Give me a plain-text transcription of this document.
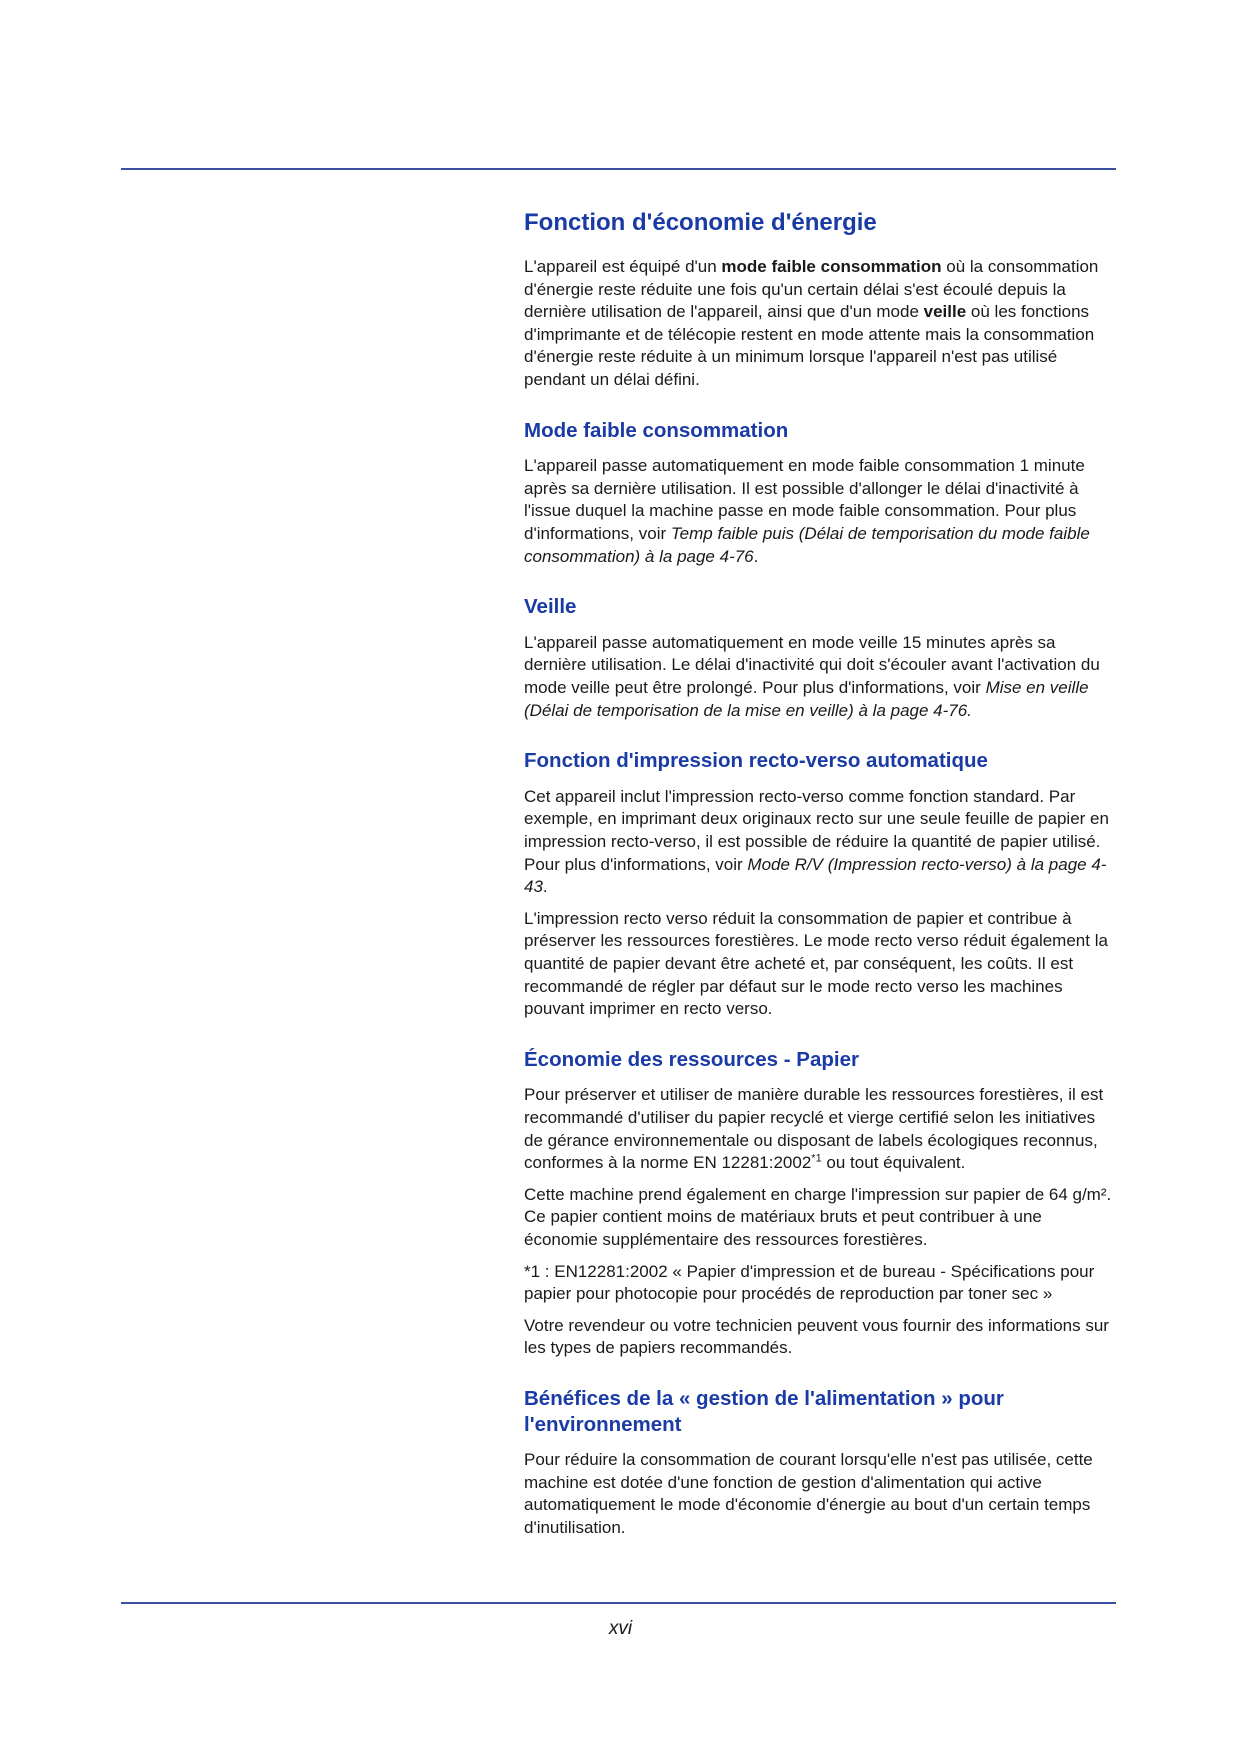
Fonction d'économie d'énergie

L'appareil est équipé d'un mode faible consommation où la consommation d'énergie reste réduite une fois qu'un certain délai s'est écoulé depuis la dernière utilisation de l'appareil, ainsi que d'un mode veille où les fonctions d'imprimante et de télécopie restent en mode attente mais la consommation d'énergie reste réduite à un minimum lorsque l'appareil n'est pas utilisé pendant un délai défini.

Mode faible consommation

L'appareil passe automatiquement en mode faible consommation 1 minute après sa dernière utilisation. Il est possible d'allonger le délai d'inactivité à l'issue duquel la machine passe en mode faible consommation. Pour plus d'informations, voir Temp faible puis (Délai de temporisation du mode faible consommation) à la page 4-76.

Veille

L'appareil passe automatiquement en mode veille 15 minutes après sa dernière utilisation. Le délai d'inactivité qui doit s'écouler avant l'activation du mode veille peut être prolongé. Pour plus d'informations, voir Mise en veille (Délai de temporisation de la mise en veille) à la page 4-76.

Fonction d'impression recto-verso automatique

Cet appareil inclut l'impression recto-verso comme fonction standard. Par exemple, en imprimant deux originaux recto sur une seule feuille de papier en impression recto-verso, il est possible de réduire la quantité de papier utilisé. Pour plus d'informations, voir Mode R/V (Impression recto-verso) à la page 4-43.

L'impression recto verso réduit la consommation de papier et contribue à préserver les ressources forestières. Le mode recto verso réduit également la quantité de papier devant être acheté et, par conséquent, les coûts. Il est recommandé de régler par défaut sur le mode recto verso les machines pouvant imprimer en recto verso.

Économie des ressources - Papier

Pour préserver et utiliser de manière durable les ressources forestières, il est recommandé d'utiliser du papier recyclé et vierge certifié selon les initiatives de gérance environnementale ou disposant de labels écologiques reconnus, conformes à la norme EN 12281:2002$^{*1}$ ou tout équivalent.

Cette machine prend également en charge l'impression sur papier de 64 g/m². Ce papier contient moins de matériaux bruts et peut contribuer à une économie supplémentaire des ressources forestières.

*1 : EN12281:2002 « Papier d'impression et de bureau - Spécifications pour papier pour photocopie pour procédés de reproduction par toner sec »

Votre revendeur ou votre technicien peuvent vous fournir des informations sur les types de papiers recommandés.

Bénéfices de la « gestion de l'alimentation » pour l'environnement

Pour réduire la consommation de courant lorsqu'elle n'est pas utilisée, cette machine est dotée d'une fonction de gestion d'alimentation qui active automatiquement le mode d'économie d'énergie au bout d'un certain temps d'inutilisation.

xvi
